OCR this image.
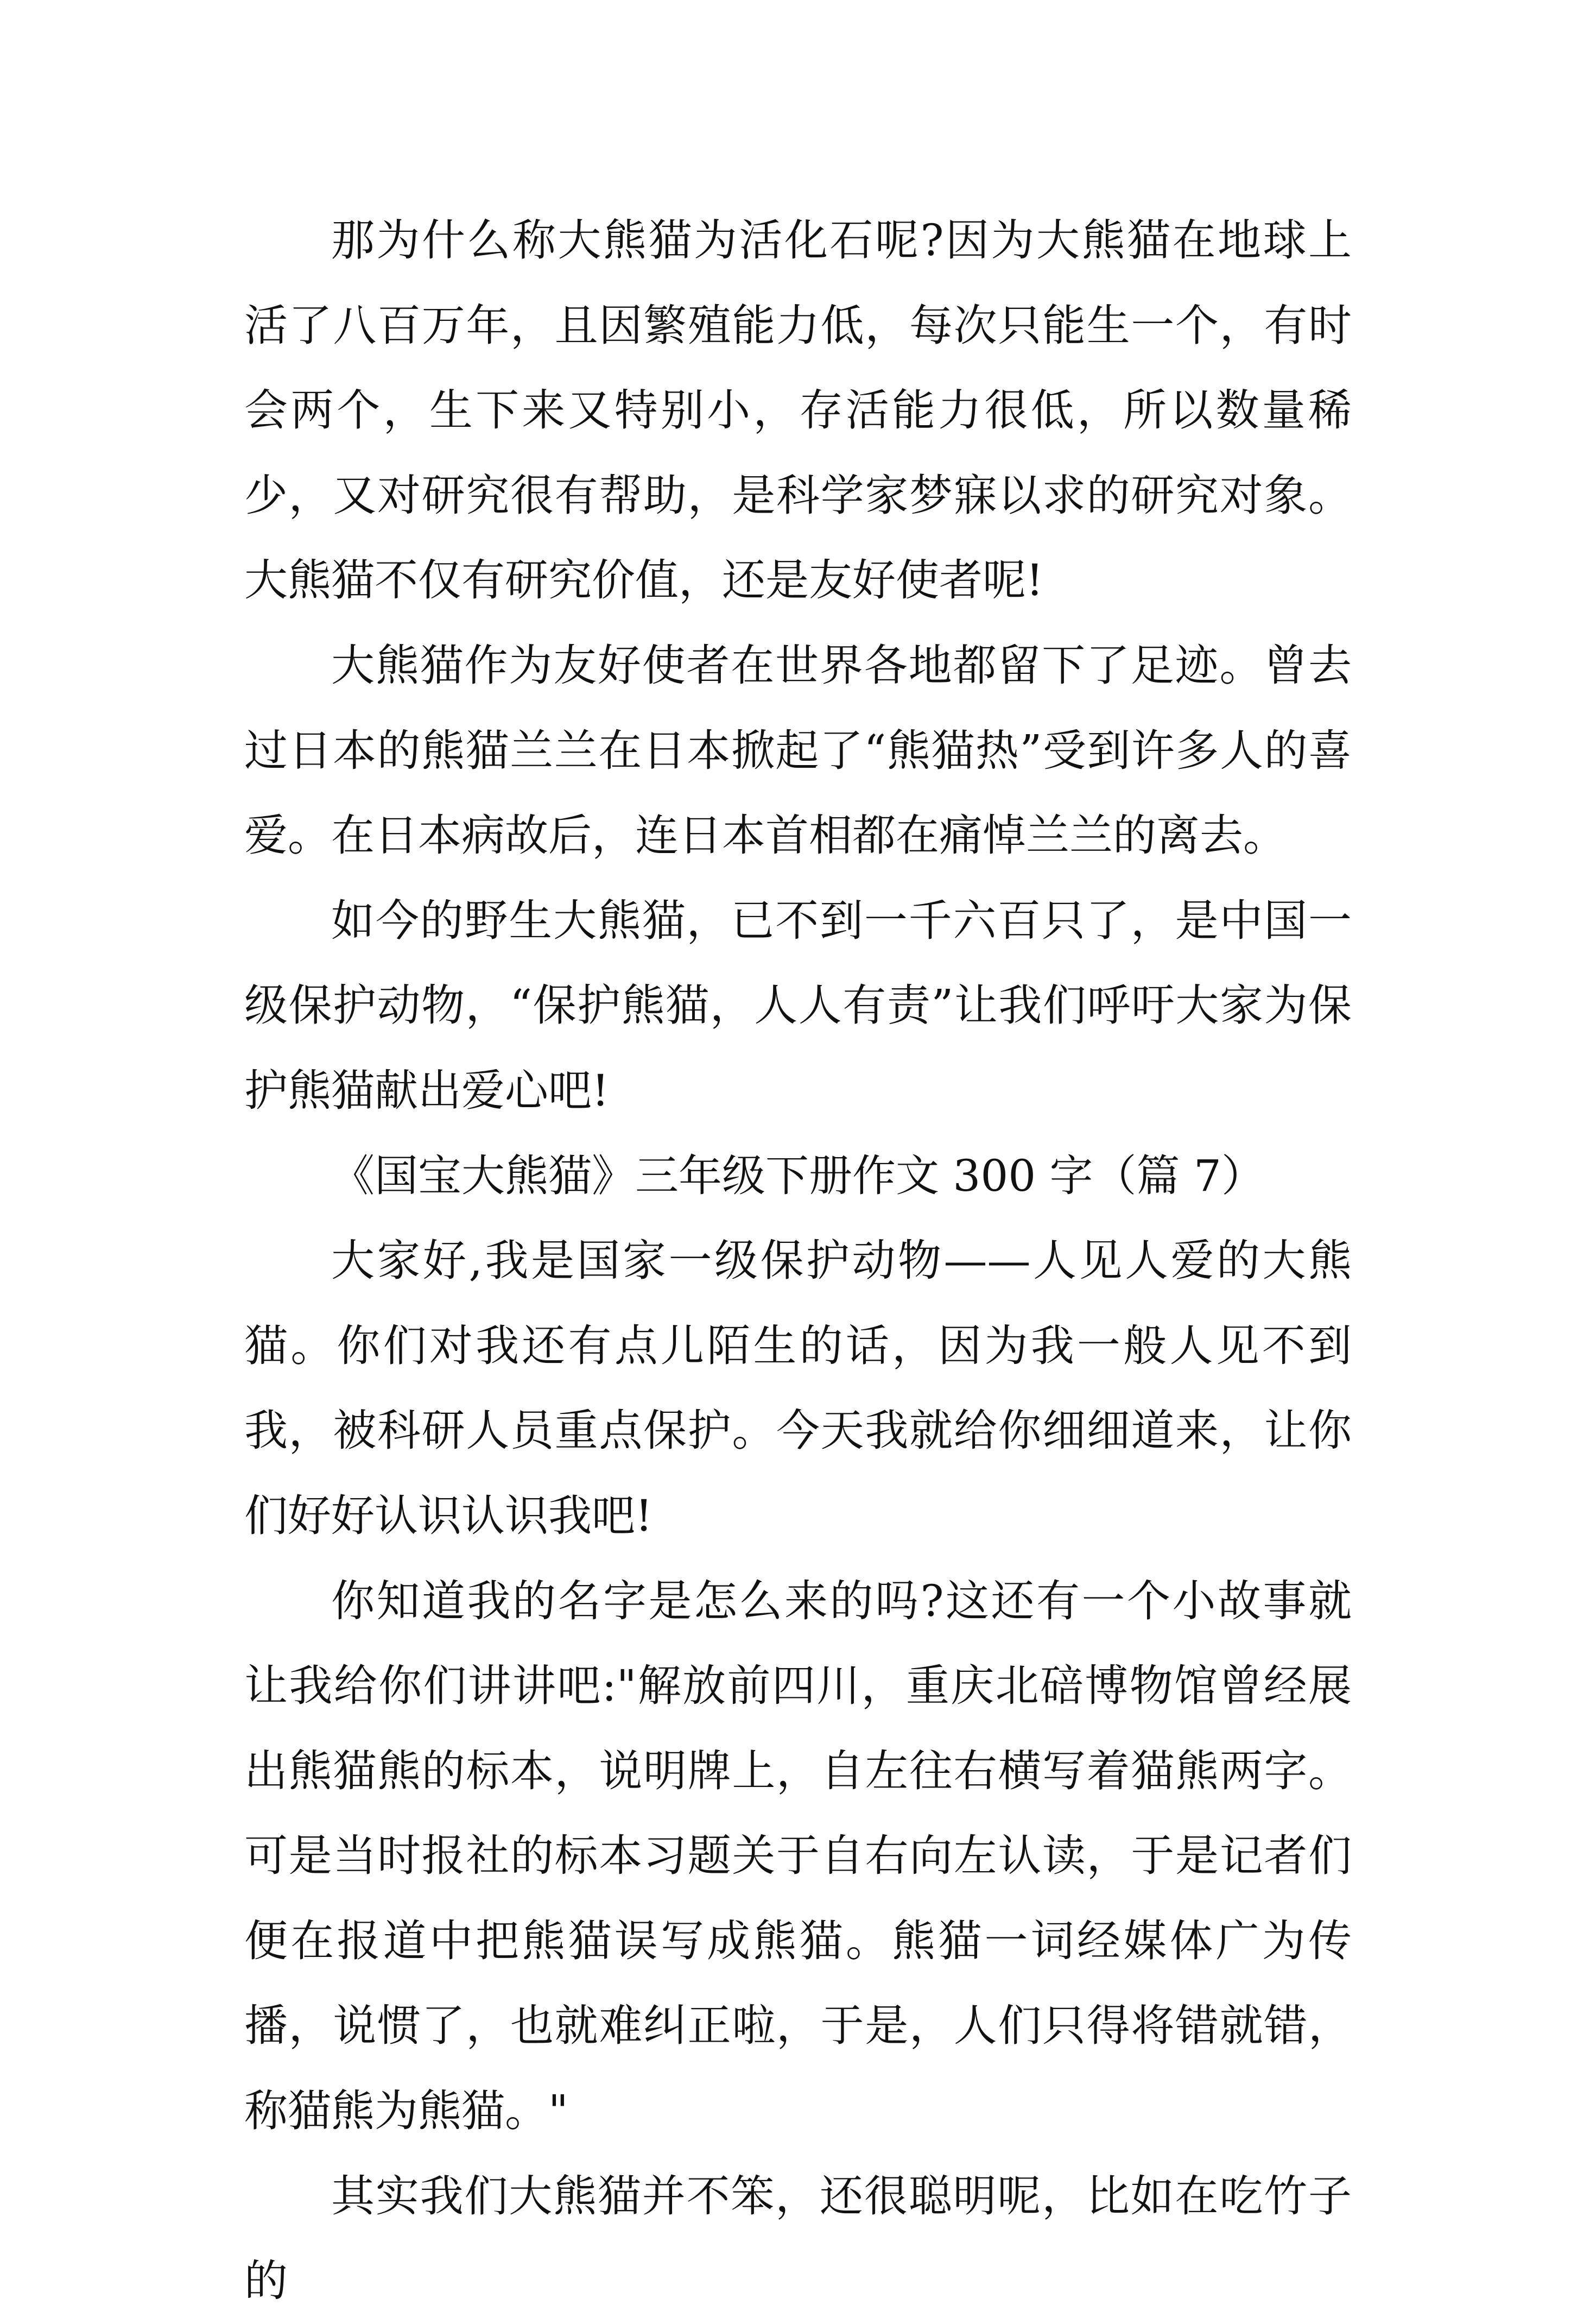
那为什么称大熊猫为活化石呢?因为大熊猫在地球上活了八百万年，且因繁殖能力低，每次只能生一个，有时会两个，生下来又特别小，存活能力很低，所以数量稀少，又对研究很有帮助，是科学家梦寐以求的研究对象。大熊猫不仅有研究价值，还是友好使者呢!

大熊猫作为友好使者在世界各地都留下了足迹。曾去过日本的熊猫兰兰在日本掀起了“熊猫热”受到许多人的喜爱。在日本病故后，连日本首相都在痛悼兰兰的离去。

如今的野生大熊猫，已不到一千六百只了，是中国一级保护动物，“保护熊猫，人人有责”让我们呼吁大家为保护熊猫献出爱心吧!

《国宝大熊猫》三年级下册作文 300 字（篇 7）

大家好,我是国家一级保护动物——人见人爱的大熊猫。你们对我还有点儿陌生的话，因为我一般人见不到我，被科研人员重点保护。今天我就给你细细道来，让你们好好认识认识我吧!

你知道我的名字是怎么来的吗?这还有一个小故事就让我给你们讲讲吧:"解放前四川，重庆北碚博物馆曾经展出熊猫熊的标本，说明牌上，自左往右横写着猫熊两字。可是当时报社的标本习题关于自右向左认读，于是记者们便在报道中把熊猫误写成熊猫。熊猫一词经媒体广为传播，说惯了，也就难纠正啦，于是，人们只得将错就错，称猫熊为熊猫。"

其实我们大熊猫并不笨，还很聪明呢，比如在吃竹子的
